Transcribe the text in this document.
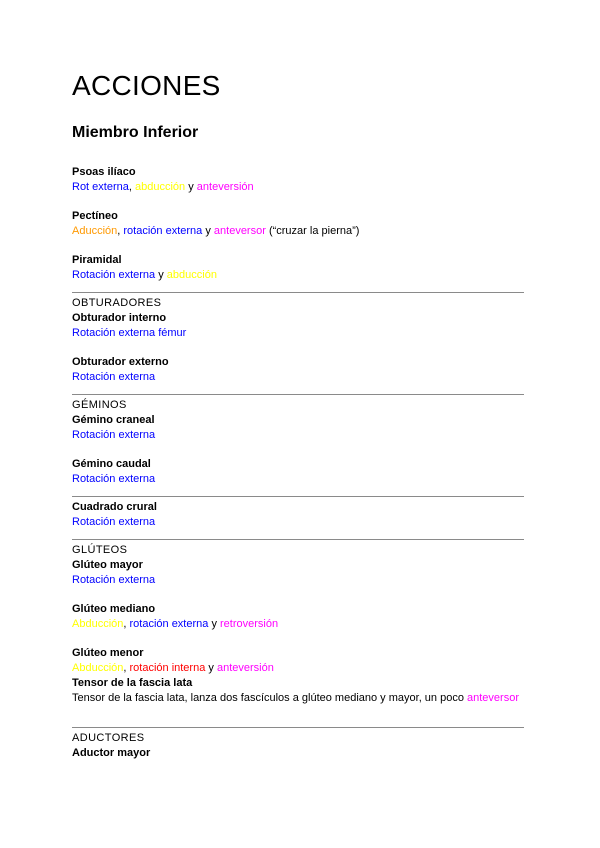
ACCIONES
Miembro Inferior
Psoas ilíaco
Rot externa, abducción y anteversión
Pectíneo
Aducción, rotación externa y anteversor (“cruzar la pierna”)
Piramidal
Rotación externa y abducción
OBTURADORES
Obturador interno
Rotación externa fémur
Obturador externo
Rotación externa
GÉMINOS
Gémino craneal
Rotación externa
Gémino caudal
Rotación externa
Cuadrado crural
Rotación externa
GLÚTEOS
Glúteo mayor
Rotación externa
Glúteo mediano
Abducción, rotación externa y retroversión
Glúteo menor
Abducción, rotación interna y anteversión
Tensor de la fascia lata
Tensor de la fascia lata, lanza dos fascículos a glúteo mediano y mayor, un poco anteversor
ADUCTORES
Aductor mayor
